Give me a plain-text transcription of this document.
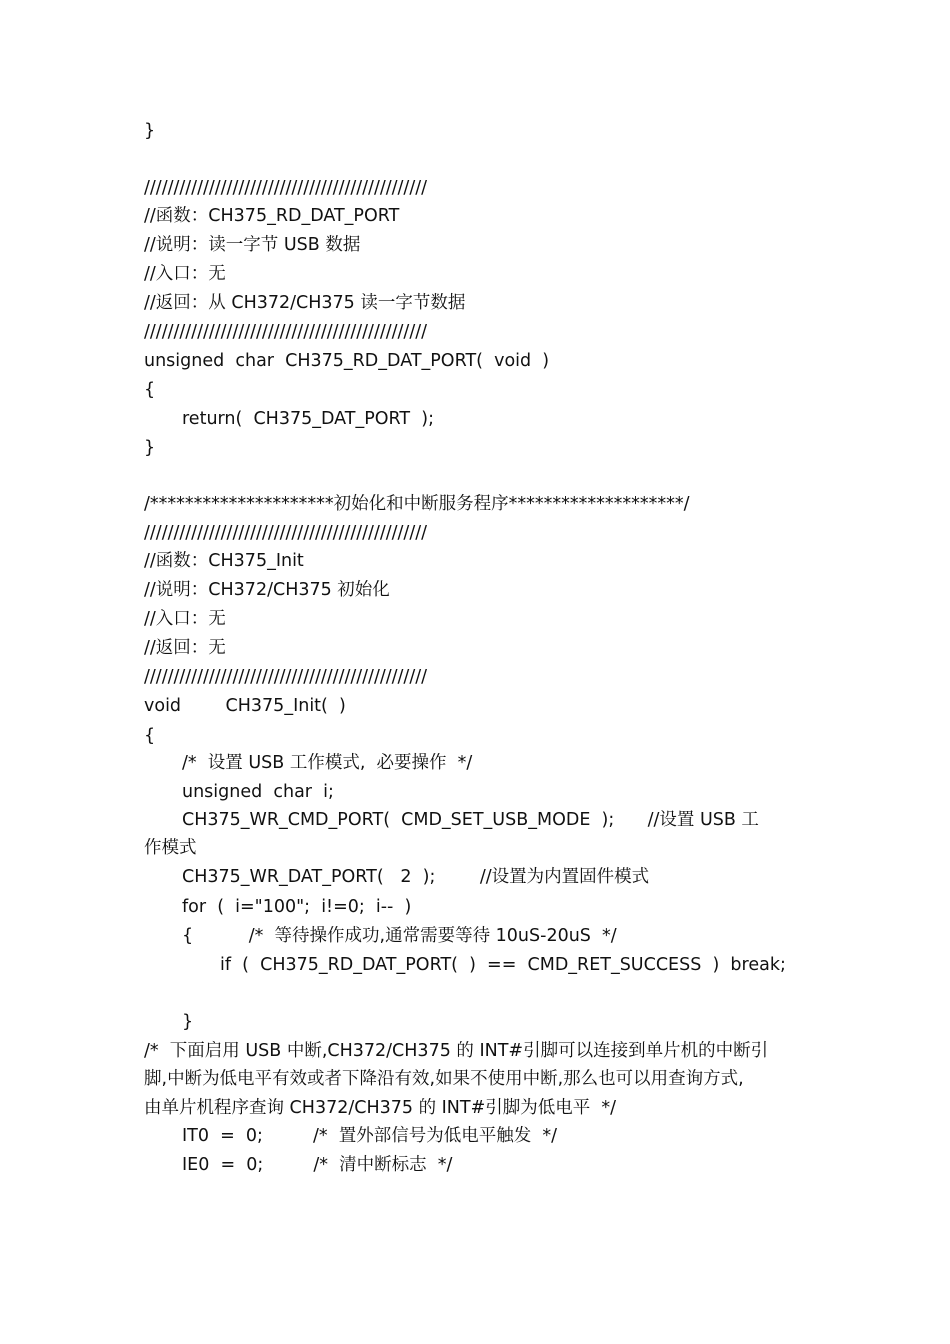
}
////////////////////////////////////////////////
//函数：CH375_RD_DAT_PORT
//说明：读一字节 USB 数据
//入口：无
//返回：从 CH372/CH375 读一字节数据
////////////////////////////////////////////////
unsigned  char  CH375_RD_DAT_PORT(  void  )
{
return(  CH375_DAT_PORT  );
}
/*********************初始化和中断服务程序********************/
////////////////////////////////////////////////
//函数：CH375_Init
//说明：CH372/CH375 初始化
//入口：无
//返回：无
////////////////////////////////////////////////
void        CH375_Init(  )
{
/*  设置 USB 工作模式,  必要操作  */
unsigned  char  i;
CH375_WR_CMD_PORT(  CMD_SET_USB_MODE  );      //设置 USB 工
作模式
CH375_WR_DAT_PORT(   2  );        //设置为内置固件模式
for  (  i="100";  i!=0;  i--  )
{          /*  等待操作成功,通常需要等待 10uS-20uS  */
if  (  CH375_RD_DAT_PORT(  )  ==  CMD_RET_SUCCESS  )  break;
}
/*  下面启用 USB 中断,CH372/CH375 的 INT#引脚可以连接到单片机的中断引
脚,中断为低电平有效或者下降沿有效,如果不使用中断,那么也可以用查询方式,
由单片机程序查询 CH372/CH375 的 INT#引脚为低电平  */
IT0  =  0;         /*  置外部信号为低电平触发  */
IE0  =  0;         /*  清中断标志  */
